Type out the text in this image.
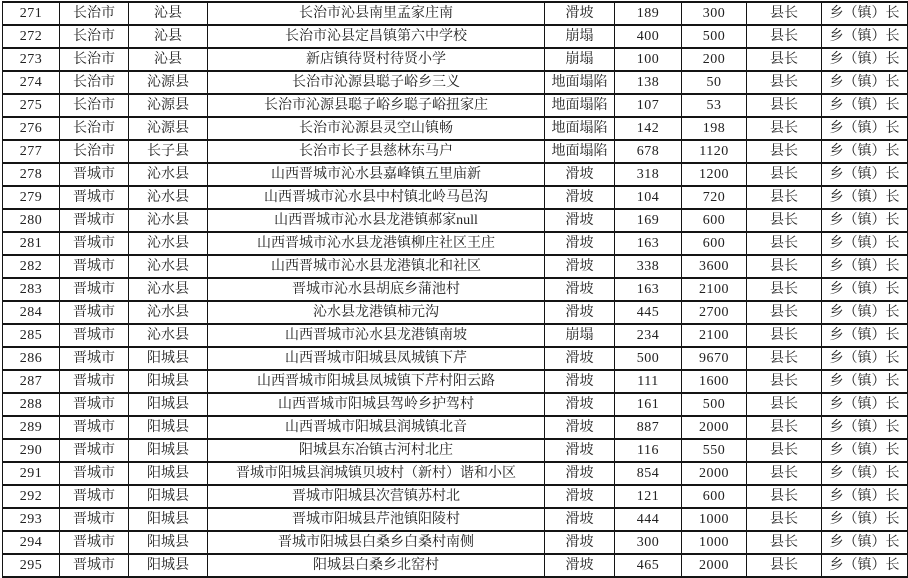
271	长治市	沁县	长治市沁县南里孟家庄南	滑坡	189	300	县长	乡（镇）长
272	长治市	沁县	长治市沁县定昌镇第六中学校	崩塌	400	500	县长	乡（镇）长
273	长治市	沁县	新店镇待贤村待贤小学	崩塌	100	200	县长	乡（镇）长
274	长治市	沁源县	长治市沁源县聪子峪乡三义	地面塌陷	138	50	县长	乡（镇）长
275	长治市	沁源县	长治市沁源县聪子峪乡聪子峪扭家庄	地面塌陷	107	53	县长	乡（镇）长
276	长治市	沁源县	长治市沁源县灵空山镇畅	地面塌陷	142	198	县长	乡（镇）长
277	长治市	长子县	长治市长子县慈林东马户	地面塌陷	678	1120	县长	乡（镇）长
278	晋城市	沁水县	山西晋城市沁水县嘉峰镇五里庙新	滑坡	318	1200	县长	乡（镇）长
279	晋城市	沁水县	山西晋城市沁水县中村镇北岭马邑沟	滑坡	104	720	县长	乡（镇）长
280	晋城市	沁水县	山西晋城市沁水县龙港镇郝家null	滑坡	169	600	县长	乡（镇）长
281	晋城市	沁水县	山西晋城市沁水县龙港镇柳庄社区王庄	滑坡	163	600	县长	乡（镇）长
282	晋城市	沁水县	山西晋城市沁水县龙港镇北和社区	滑坡	338	3600	县长	乡（镇）长
283	晋城市	沁水县	晋城市沁水县胡底乡蒲池村	滑坡	163	2100	县长	乡（镇）长
284	晋城市	沁水县	沁水县龙港镇柿元沟	滑坡	445	2700	县长	乡（镇）长
285	晋城市	沁水县	山西晋城市沁水县龙港镇南坡	崩塌	234	2100	县长	乡（镇）长
286	晋城市	阳城县	山西晋城市阳城县凤城镇下芹	滑坡	500	9670	县长	乡（镇）长
287	晋城市	阳城县	山西晋城市阳城县凤城镇下芹村阳云路	滑坡	111	1600	县长	乡（镇）长
288	晋城市	阳城县	山西晋城市阳城县驾岭乡护驾村	滑坡	161	500	县长	乡（镇）长
289	晋城市	阳城县	山西晋城市阳城县润城镇北音	滑坡	887	2000	县长	乡（镇）长
290	晋城市	阳城县	阳城县东冶镇古河村北庄	滑坡	116	550	县长	乡（镇）长
291	晋城市	阳城县	晋城市阳城县润城镇贝坡村（新村）谐和小区	滑坡	854	2000	县长	乡（镇）长
292	晋城市	阳城县	晋城市阳城县次营镇苏村北	滑坡	121	600	县长	乡（镇）长
293	晋城市	阳城县	晋城市阳城县芹池镇阳陵村	滑坡	444	1000	县长	乡（镇）长
294	晋城市	阳城县	晋城市阳城县白桑乡白桑村南侧	滑坡	300	1000	县长	乡（镇）长
295	晋城市	阳城县	阳城县白桑乡北窑村	滑坡	465	2000	县长	乡（镇）长
